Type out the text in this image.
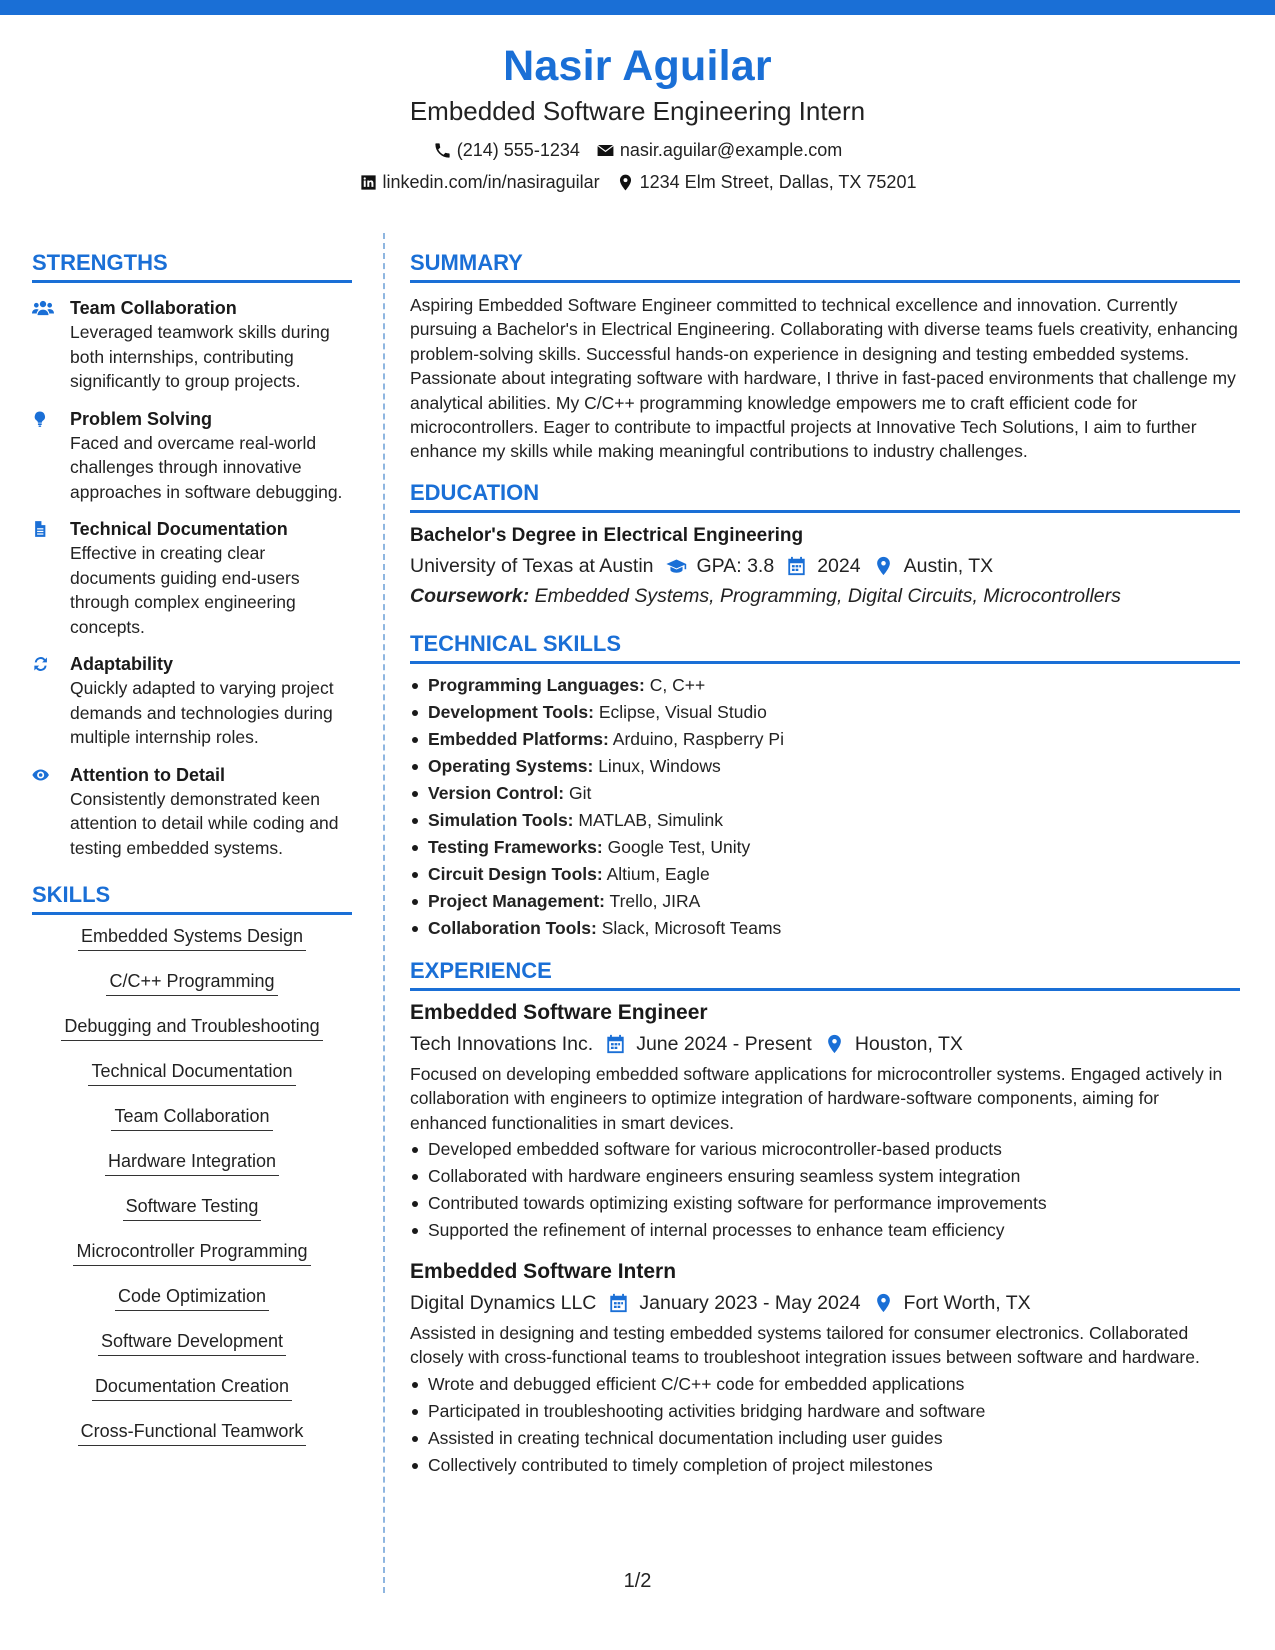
Nasir Aguilar
Embedded Software Engineering Intern
(214) 555-1234 nasir.aguilar@example.com
linkedin.com/in/nasiraguilar 1234 Elm Street, Dallas, TX 75201
STRENGTHS
Team Collaboration
Leveraged teamwork skills during both internships, contributing significantly to group projects.
Problem Solving
Faced and overcame real-world challenges through innovative approaches in software debugging.
Technical Documentation
Effective in creating clear documents guiding end-users through complex engineering concepts.
Adaptability
Quickly adapted to varying project demands and technologies during multiple internship roles.
Attention to Detail
Consistently demonstrated keen attention to detail while coding and testing embedded systems.
SKILLS
Embedded Systems Design
C/C++ Programming
Debugging and Troubleshooting
Technical Documentation
Team Collaboration
Hardware Integration
Software Testing
Microcontroller Programming
Code Optimization
Software Development
Documentation Creation
Cross-Functional Teamwork
SUMMARY
Aspiring Embedded Software Engineer committed to technical excellence and innovation. Currently pursuing a Bachelor's in Electrical Engineering. Collaborating with diverse teams fuels creativity, enhancing problem-solving skills. Successful hands-on experience in designing and testing embedded systems. Passionate about integrating software with hardware, I thrive in fast-paced environments that challenge my analytical abilities. My C/C++ programming knowledge empowers me to craft efficient code for microcontrollers. Eager to contribute to impactful projects at Innovative Tech Solutions, I aim to further enhance my skills while making meaningful contributions to industry challenges.
EDUCATION
Bachelor's Degree in Electrical Engineering
University of Texas at Austin GPA: 3.8 2024 Austin, TX
Coursework: Embedded Systems, Programming, Digital Circuits, Microcontrollers
TECHNICAL SKILLS
Programming Languages: C, C++
Development Tools: Eclipse, Visual Studio
Embedded Platforms: Arduino, Raspberry Pi
Operating Systems: Linux, Windows
Version Control: Git
Simulation Tools: MATLAB, Simulink
Testing Frameworks: Google Test, Unity
Circuit Design Tools: Altium, Eagle
Project Management: Trello, JIRA
Collaboration Tools: Slack, Microsoft Teams
EXPERIENCE
Embedded Software Engineer
Tech Innovations Inc. June 2024 - Present Houston, TX
Focused on developing embedded software applications for microcontroller systems. Engaged actively in collaboration with engineers to optimize integration of hardware-software components, aiming for enhanced functionalities in smart devices.
Developed embedded software for various microcontroller-based products
Collaborated with hardware engineers ensuring seamless system integration
Contributed towards optimizing existing software for performance improvements
Supported the refinement of internal processes to enhance team efficiency
Embedded Software Intern
Digital Dynamics LLC January 2023 - May 2024 Fort Worth, TX
Assisted in designing and testing embedded systems tailored for consumer electronics. Collaborated closely with cross-functional teams to troubleshoot integration issues between software and hardware.
Wrote and debugged efficient C/C++ code for embedded applications
Participated in troubleshooting activities bridging hardware and software
Assisted in creating technical documentation including user guides
Collectively contributed to timely completion of project milestones
1/2
